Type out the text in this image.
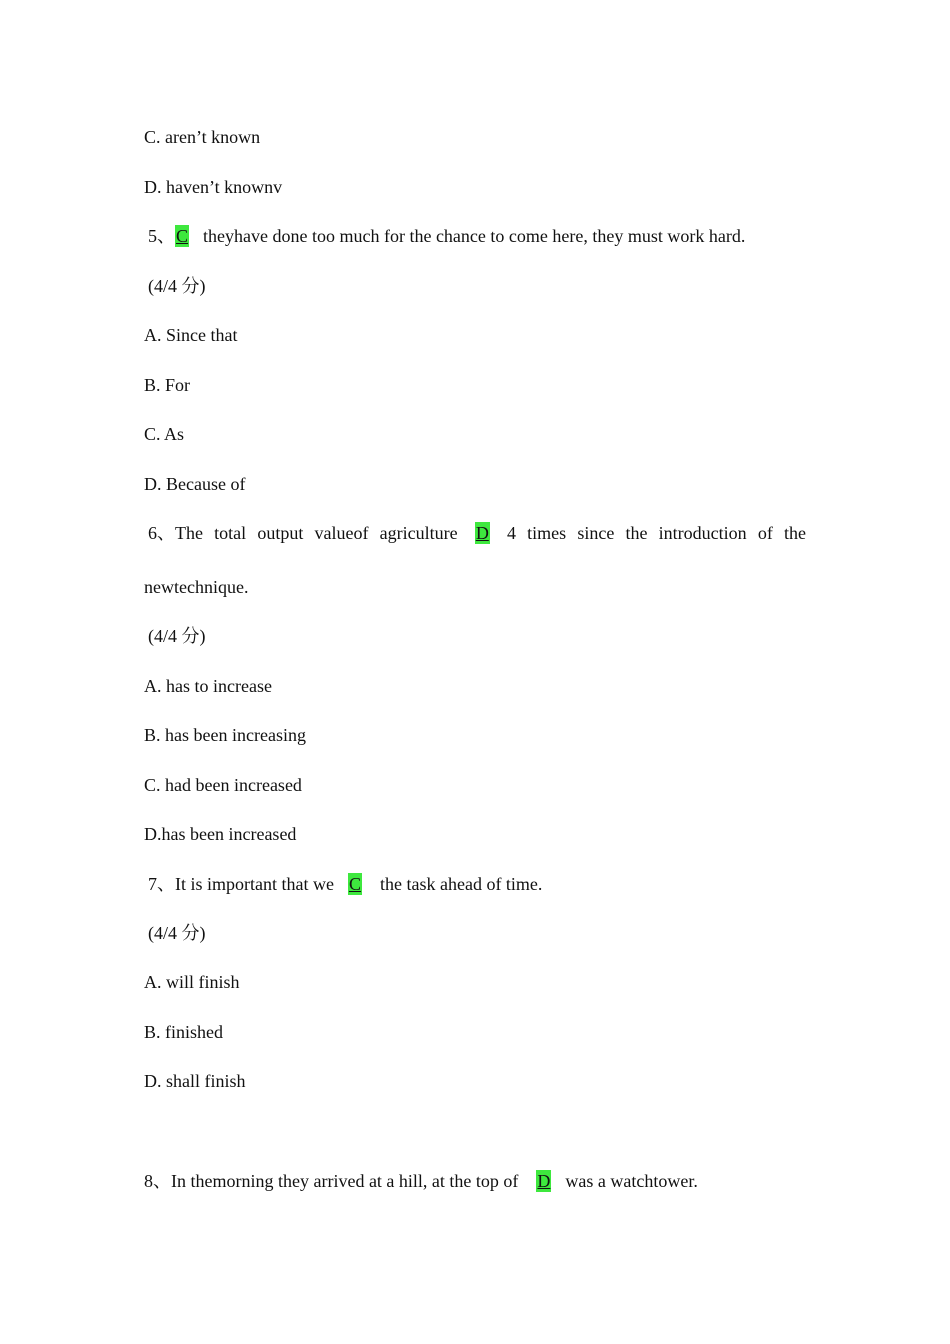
C. aren’t known
D. haven’t knownv
5、C theyhave done too much for the chance to come here, they must work hard.
(4/4 分)
A. Since that
B. For
C. As
D. Because of
6、The total output valueof agriculture	D	4 times since the introduction of the
newtechnique.
(4/4 分)
A. has to increase
B. has been increasing
C. had been increased
D.has been increased
7、It is important that we C the task ahead of time.
(4/4 分)
A. will finish
B. finished
D. shall finish
8、In themorning they arrived at a hill, at the top of D was a watchtower.
